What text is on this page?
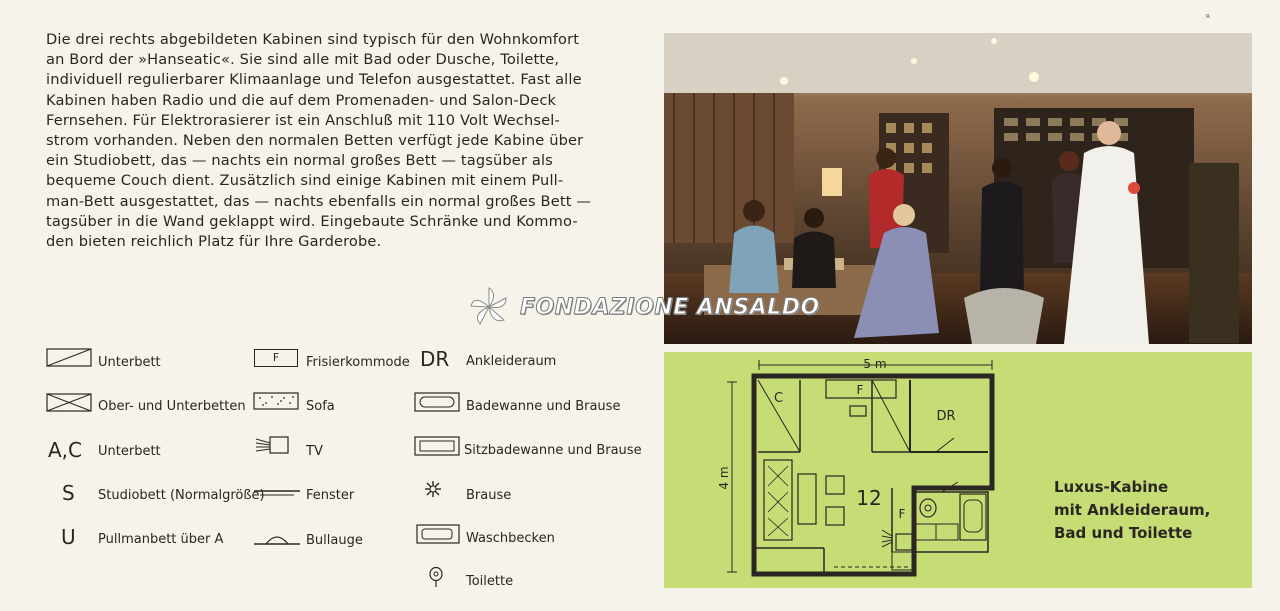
ᴿ
Die drei rechts abgebildeten Kabinen sind typisch für den Wohnkomfort
an Bord der »Hanseatic«. Sie sind alle mit Bad oder Dusche, Toilette,
individuell regulierbarer Klimaanlage und Telefon ausgestattet. Fast alle
Kabinen haben Radio und die auf dem Promenaden- und Salon-Deck
Fernsehen. Für Elektrorasierer ist ein Anschluß mit 110 Volt Wechsel-
strom vorhanden. Neben den normalen Betten verfügt jede Kabine über
ein Studiobett, das — nachts ein normal großes Bett — tagsüber als
bequeme Couch dient. Zusätzlich sind einige Kabinen mit einem Pull-
man-Bett ausgestattet, das — nachts ebenfalls ein normal großes Bett —
tagsüber in die Wand geklappt wird. Eingebaute Schränke und Kommo-
den bieten reichlich Platz für Ihre Garderobe.
FONDAZIONE ANSALDO
Unterbett
Ober- und Unterbetten
A,C Unterbett
S Studiobett (Normalgröße)
U Pullmanbett über A
F	Frisierkommode
Sofa
TV
Fenster
Bullauge
DR Ankleideraum
Badewanne und Brause
Sitzbadewanne und Brause
Brause
Waschbecken
Toilette
5 m
4 m
C
F
DR
12
F
Luxus-Kabine
mit Ankleideraum,
Bad und Toilette
